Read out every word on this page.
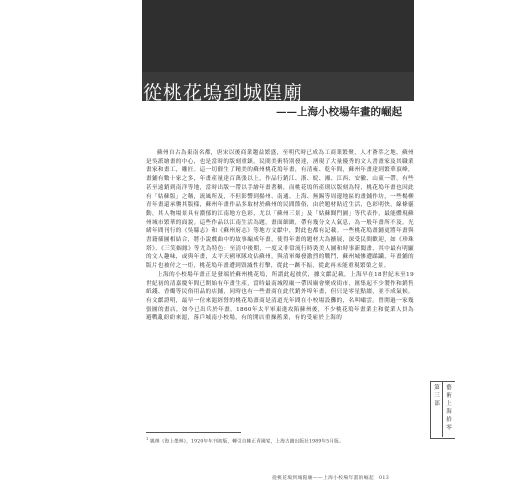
從桃花塢到城隍廟
——上海小校場年畫的崛起

蘇州自古為東南名都，唐宋以後商業趨益繁盛，至明代時已成為工商業繁聚，人才薈萃之地，蘇州是吳派繪畫的中心，也是當時的版刻重鎮，民間美術特別發達，湧現了大量優秀的文人書畫家及其職業畫家和畫工，雕匠。這一切催生了精美的蘇州桃花塢年畫，有清雍、乾年間，蘇州年畫達到繁華頂峰，畫鋪有數十家之多，年畫產量達百萬張以上，作品行銷江、浙、皖、湘、江西、安徽、山東一帶，有些甚至遠銷到南洋等地，當時出版一帶以手繪年畫著稱，而桃花塢所產則以版刻為特，桃花塢年畫也因此有「姑蘇版」之稱，流風所及，不但影響到揚州、南通、上海、無錫等周邊地區的畫鋪作坊，一些楊柳青年畫還承襲其版樣，蘇州年畫作品多取材於蘇州的民間節俗，由於題材貼近生活，色彩明快，線條靈動，其人物場景具有濃郁的江南地方色彩，尤以「蘇州三景」及「姑蘇閶門圖」等代表作，最能體現蘇州城市繁華的面貌。這些作品以江南生活為題，畫面細緻，帶有幾分文人氣息，為一般年畫所不及。光緒年間刊行的《吳縣志》和《蘇州府志》等地方文獻中，對此也都有記載。一些桃花塢畫鋪更將年畫與書籍插圖相結合，將小說戲曲中的故事編成年畫，使得年畫的題材大為擴展，深受民間歡迎，如《珍珠塔》、《三笑姻緣》等尤為特色：至清中後期，一度又非常流行時裝美人圖和時事新聞畫，其中最有明顯的文人趣味，或與年畫，太平天國軍隊攻佔蘇州，與清軍爆發激烈的戰鬥，蘇州城慘遭蹂躪，年畫鋪的版片也被付之一炬，桃花塢年畫遭到毀滅性打擊，從此一蹶不振，從此再未能重現繁榮之景。

上海的小校場年畫正是發端於蘇州桃花塢，所謂此起彼伏，據文獻記載，上海早在18世紀末至19世紀初的清嘉慶年間已開始有年畫生產，當時最南城隍廟一帶因廟會聚成街市，匯集起不少製作和銷售紙錢、香燭等民俗用品的店鋪，同時也有一些畫商在此代銷外埠年畫，但只是零星點綴，並不成氣候。有文獻證明，最早一位來滬經營的桃花塢畫商是清道光年間在小校場設攤的，名叫嘯雲。曾開過一家幾張圖的畫店，如今已出兵於年畫，1860年太平軍東進攻陷蘇州後，不少桃花塢年畫業主和從業人員為避戰亂紛紛來滬，落戶城南小校場，有的開店重操舊業，有的受雇於上海的

$^1$ 姚煒《海上墨林》，1920年年刊初版，轉引自陳正青國家，上海古籍出版社1989年5月版。

從桃花塢到城隍廟——上海小校場年畫的崛起　013

第三部
藝術上海拾零
